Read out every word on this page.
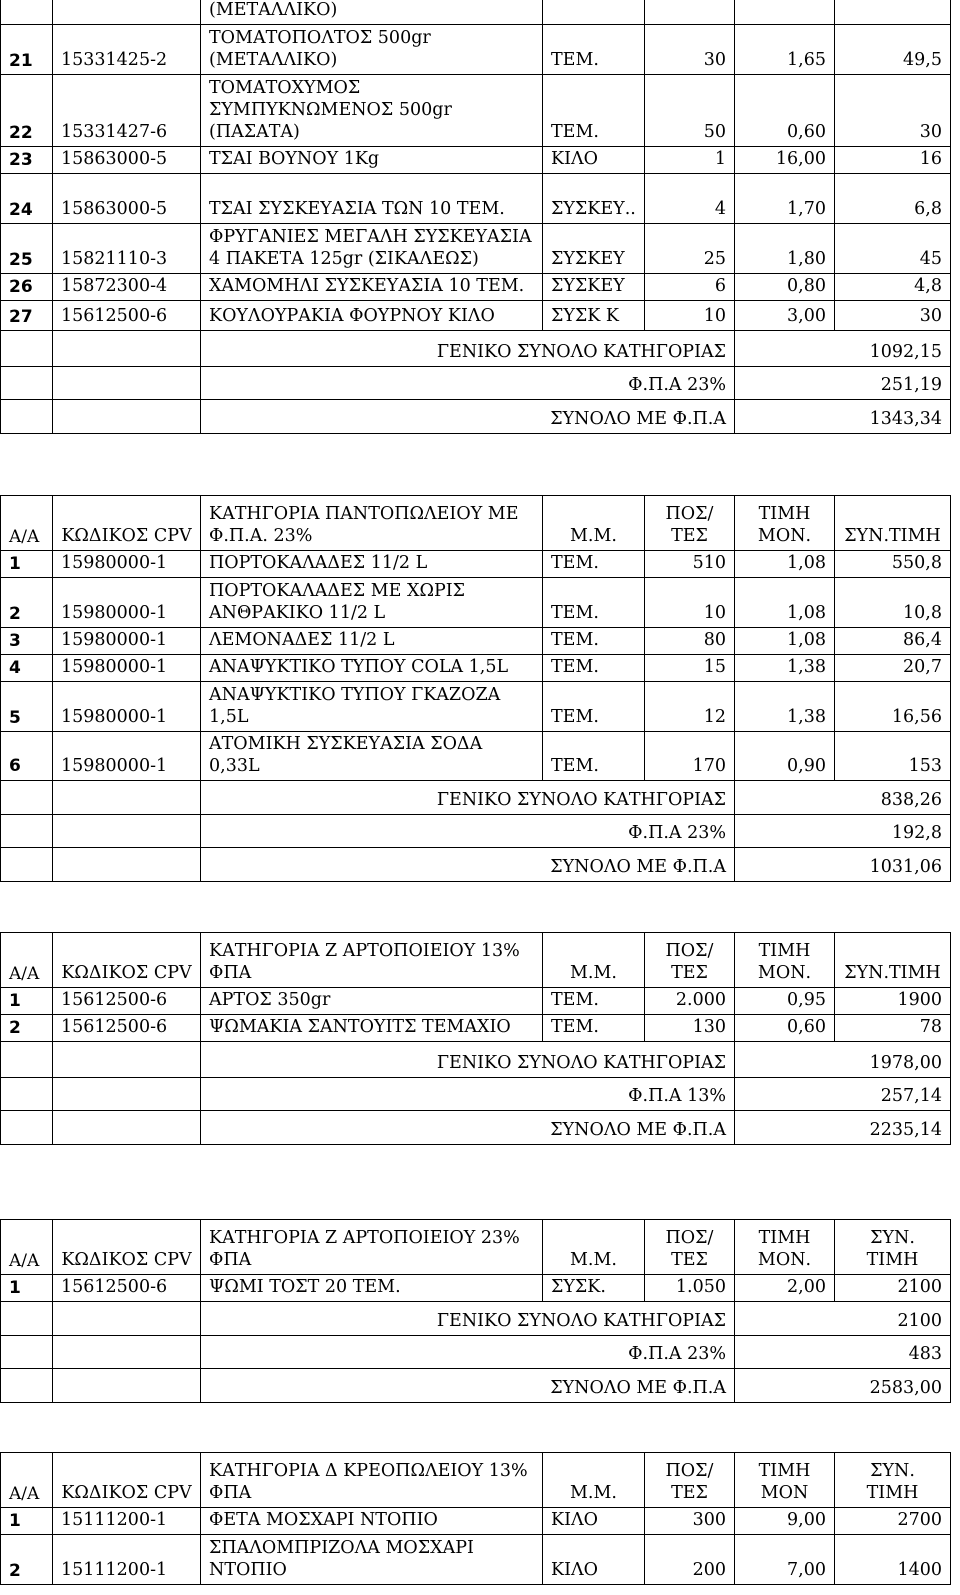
		(ΜΕΤΑΛΛΙΚΟ)				
21	15331425-2	ΤΟΜΑΤΟΠΟΛΤΟΣ 500gr (ΜΕΤΑΛΛΙΚΟ)	ΤΕΜ.	30	1,65	49,5
22	15331427-6	ΤΟΜΑΤΟΧΥΜΟΣ ΣΥΜΠΥΚΝΩΜΕΝΟΣ 500gr (ΠΑΣΑΤΑ)	ΤΕΜ.	50	0,60	30
23	15863000-5	ΤΣΑΙ ΒΟΥΝΟΥ 1Kg	ΚΙΛΟ	1	16,00	16
24	15863000-5	ΤΣΑΙ ΣΥΣΚΕΥΑΣΙΑ ΤΩΝ 10 ΤΕΜ.	ΣΥΣΚΕΥ..	4	1,70	6,8
25	15821110-3	ΦΡΥΓΑΝΙΕΣ ΜΕΓΑΛΗ ΣΥΣΚΕΥΑΣΙΑ 4 ΠΑΚΕΤΑ 125gr (ΣΙΚΑΛΕΩΣ)	ΣΥΣΚΕΥ	25	1,80	45
26	15872300-4	ΧΑΜΟΜΗΛΙ ΣΥΣΚΕΥΑΣΙΑ 10 ΤΕΜ.	ΣΥΣΚΕΥ	6	0,80	4,8
27	15612500-6	ΚΟΥΛΟΥΡΑΚΙΑ ΦΟΥΡΝΟΥ ΚΙΛΟ	ΣΥΣΚ Κ	10	3,00	30
		ΓΕΝΙΚΟ ΣΥΝΟΛΟ ΚΑΤΗΓΟΡΙΑΣ			1092,15	
		Φ.Π.Α 23%			251,19	
		ΣΥΝΟΛΟ ΜΕ Φ.Π.Α			1343,34	
Α/Α	ΚΩΔΙΚΟΣ CPV	ΚΑΤΗΓΟΡΙΑ ΠΑΝΤΟΠΩΛΕΙΟΥ ΜΕ Φ.Π.Α. 23%	Μ.Μ.	ΠΟΣ/ΤΕΣ	ΤΙΜΗ ΜΟΝ.	ΣΥΝ.ΤΙΜΗ
1	15980000-1	ΠΟΡΤΟΚΑΛΑΔΕΣ 11/2 L	ΤΕΜ.	510	1,08	550,8
2	15980000-1	ΠΟΡΤΟΚΑΛΑΔΕΣ ΜΕ ΧΩΡΙΣ ΑΝΘΡΑΚΙΚΟ 11/2 L	ΤΕΜ.	10	1,08	10,8
3	15980000-1	ΛΕΜΟΝΑΔΕΣ 11/2 L	ΤΕΜ.	80	1,08	86,4
4	15980000-1	ΑΝΑΨΥΚΤΙΚΟ ΤΥΠΟΥ COLA 1,5L	ΤΕΜ.	15	1,38	20,7
5	15980000-1	ΑΝΑΨΥΚΤΙΚΟ ΤΥΠΟΥ ΓΚΑΖΟΖΑ 1,5L	ΤΕΜ.	12	1,38	16,56
6	15980000-1	ΑΤΟΜΙΚΗ ΣΥΣΚΕΥΑΣΙΑ ΣΟΔΑ 0,33L	ΤΕΜ.	170	0,90	153
		ΓΕΝΙΚΟ ΣΥΝΟΛΟ ΚΑΤΗΓΟΡΙΑΣ			838,26	
		Φ.Π.Α 23%			192,8	
		ΣΥΝΟΛΟ ΜΕ Φ.Π.Α			1031,06	
Α/Α	ΚΩΔΙΚΟΣ CPV	ΚΑΤΗΓΟΡΙΑ Ζ ΑΡΤΟΠΟΙΕΙΟΥ 13% ΦΠΑ	Μ.Μ.	ΠΟΣ/ΤΕΣ	ΤΙΜΗ ΜΟΝ.	ΣΥΝ.ΤΙΜΗ
1	15612500-6	ΑΡΤΟΣ 350gr	ΤΕΜ.	2.000	0,95	1900
2	15612500-6	ΨΩΜΑΚΙΑ ΣΑΝΤΟΥΙΤΣ ΤΕΜΑΧΙΟ	ΤΕΜ.	130	0,60	78
		ΓΕΝΙΚΟ ΣΥΝΟΛΟ ΚΑΤΗΓΟΡΙΑΣ			1978,00	
		Φ.Π.Α 13%			257,14	
		ΣΥΝΟΛΟ ΜΕ Φ.Π.Α			2235,14	
Α/Α	ΚΩΔΙΚΟΣ CPV	ΚΑΤΗΓΟΡΙΑ Ζ ΑΡΤΟΠΟΙΕΙΟΥ 23% ΦΠΑ	Μ.Μ.	ΠΟΣ/ΤΕΣ	ΤΙΜΗ ΜΟΝ.	ΣΥΝ. ΤΙΜΗ
1	15612500-6	ΨΩΜΙ ΤΟΣΤ 20 ΤΕΜ.	ΣΥΣΚ.	1.050	2,00	2100
		ΓΕΝΙΚΟ ΣΥΝΟΛΟ ΚΑΤΗΓΟΡΙΑΣ			2100	
		Φ.Π.Α 23%			483	
		ΣΥΝΟΛΟ ΜΕ Φ.Π.Α			2583,00	
Α/Α	ΚΩΔΙΚΟΣ CPV	ΚΑΤΗΓΟΡΙΑ Δ ΚΡΕΟΠΩΛΕΙΟΥ 13% ΦΠΑ	Μ.Μ.	ΠΟΣ/ΤΕΣ	ΤΙΜΗ ΜΟΝ	ΣΥΝ. ΤΙΜΗ
1	15111200-1	ΦΕΤΑ ΜΟΣΧΑΡΙ ΝΤΟΠΙΟ	ΚΙΛΟ	300	9,00	2700
2	15111200-1	ΣΠΑΛΟΜΠΡΙΖΟΛΑ ΜΟΣΧΑΡΙ ΝΤΟΠΙΟ	ΚΙΛΟ	200	7,00	1400
